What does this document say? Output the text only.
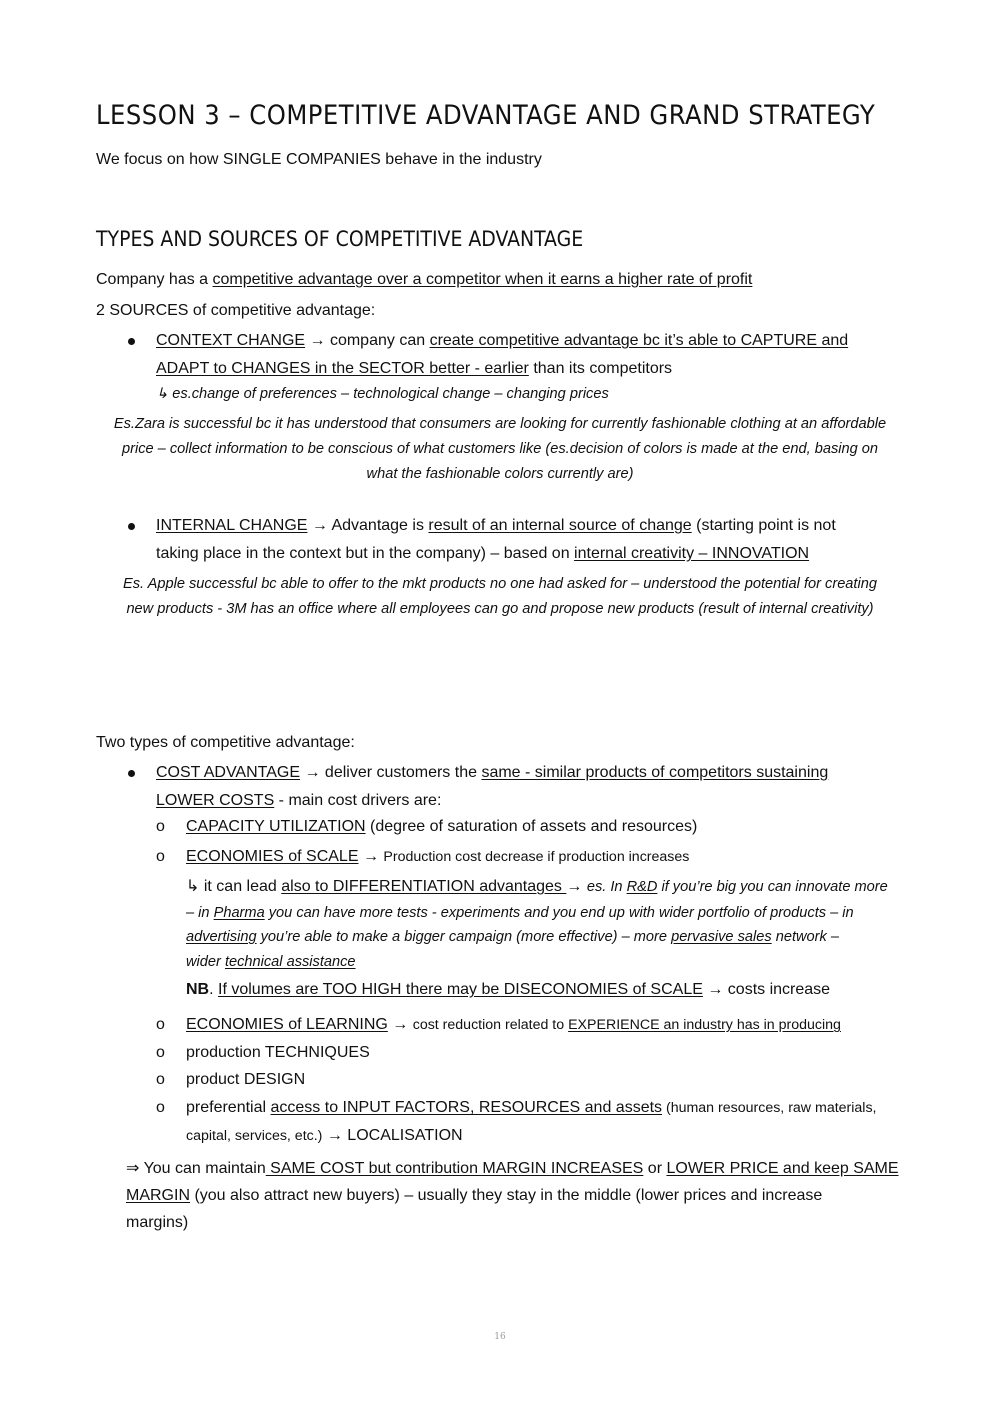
LESSON 3 – COMPETITIVE ADVANTAGE AND GRAND STRATEGY
We focus on how SINGLE COMPANIES behave in the industry
TYPES AND SOURCES OF COMPETITIVE ADVANTAGE
Company has a competitive advantage over a competitor when it earns a higher rate of profit
2 SOURCES of competitive advantage:
CONTEXT CHANGE → company can create competitive advantage bc it’s able to CAPTURE and
ADAPT to CHANGES in the SECTOR better - earlier than its competitors
↳ es.change of preferences – technological change – changing prices
Es.Zara is successful bc it has understood that consumers are looking for currently fashionable clothing at an affordable
price – collect information to be conscious of what customers like (es.decision of colors is made at the end, basing on
what the fashionable colors currently are)
INTERNAL CHANGE → Advantage is result of an internal source of change (starting point is not
taking place in the context but in the company) – based on internal creativity – INNOVATION
Es. Apple successful bc able to offer to the mkt products no one had asked for – understood the potential for creating
new products - 3M has an office where all employees can go and propose new products (result of internal creativity)
Two types of competitive advantage:
COST ADVANTAGE → deliver customers the same - similar products of competitors sustaining
LOWER COSTS - main cost drivers are:
o CAPACITY UTILIZATION (degree of saturation of assets and resources)
o ECONOMIES of SCALE → Production cost decrease if production increases
↳ it can lead also to DIFFERENTIATION advantages → es. In R&D if you’re big you can innovate more
– in Pharma you can have more tests - experiments and you end up with wider portfolio of products – in
advertising you’re able to make a bigger campaign (more effective) – more pervasive sales network –
wider technical assistance
NB. If volumes are TOO HIGH there may be DISECONOMIES of SCALE → costs increase
o ECONOMIES of LEARNING → cost reduction related to EXPERIENCE an industry has in producing
o production TECHNIQUES
o product DESIGN
o preferential access to INPUT FACTORS, RESOURCES and assets (human resources, raw materials,
capital, services, etc.) → LOCALISATION
⇒ You can maintain SAME COST but contribution MARGIN INCREASES or LOWER PRICE and keep SAME
MARGIN (you also attract new buyers) – usually they stay in the middle (lower prices and increase
margins)
16
